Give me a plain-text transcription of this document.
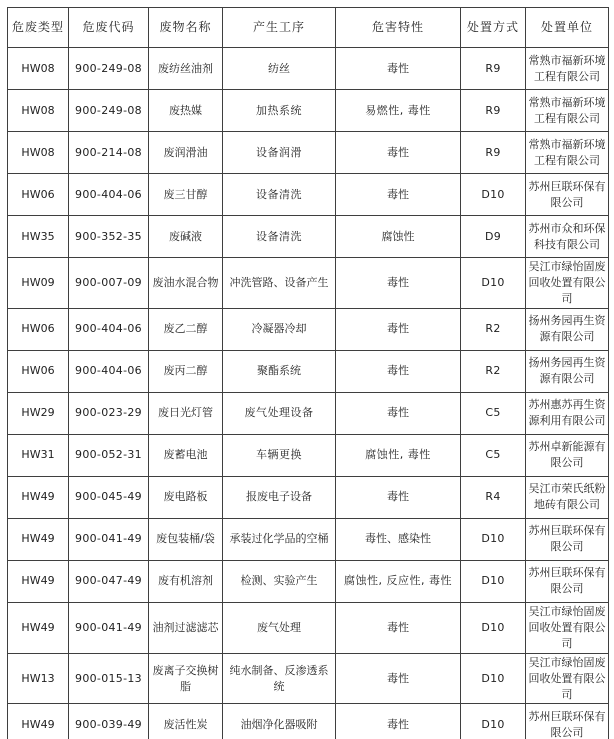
危废类型	危废代码	废物名称	产生工序	危害特性	处置方式	处置单位
HW08	900-249-08	废纺丝油剂	纺丝	毒性	R9	常熟市福新环境工程有限公司
HW08	900-249-08	废热媒	加热系统	易燃性, 毒性	R9	常熟市福新环境工程有限公司
HW08	900-214-08	废润滑油	设备润滑	毒性	R9	常熟市福新环境工程有限公司
HW06	900-404-06	废三甘醇	设备清洗	毒性	D10	苏州巨联环保有限公司
HW35	900-352-35	废碱液	设备清洗	腐蚀性	D9	苏州市众和环保科技有限公司
HW09	900-007-09	废油水混合物	冲洗管路、设备产生	毒性	D10	吴江市绿怡固废回收处置有限公司
HW06	900-404-06	废乙二醇	冷凝器冷却	毒性	R2	扬州务园再生资源有限公司
HW06	900-404-06	废丙二醇	聚酯系统	毒性	R2	扬州务园再生资源有限公司
HW29	900-023-29	废日光灯管	废气处理设备	毒性	C5	苏州惠苏再生资源利用有限公司
HW31	900-052-31	废蓄电池	车辆更换	腐蚀性, 毒性	C5	苏州卓新能源有限公司
HW49	900-045-49	废电路板	报废电子设备	毒性	R4	吴江市荣氏纸粉地砖有限公司
HW49	900-041-49	废包装桶/袋	承装过化学品的空桶	毒性、感染性	D10	苏州巨联环保有限公司
HW49	900-047-49	废有机溶剂	检测、实验产生	腐蚀性, 反应性, 毒性	D10	苏州巨联环保有限公司
HW49	900-041-49	油剂过滤滤芯	废气处理	毒性	D10	吴江市绿怡固废回收处置有限公司
HW13	900-015-13	废离子交换树脂	纯水制备、反渗透系统	毒性	D10	吴江市绿怡固废回收处置有限公司
HW49	900-039-49	废活性炭	油烟净化器吸附	毒性	D10	苏州巨联环保有限公司
